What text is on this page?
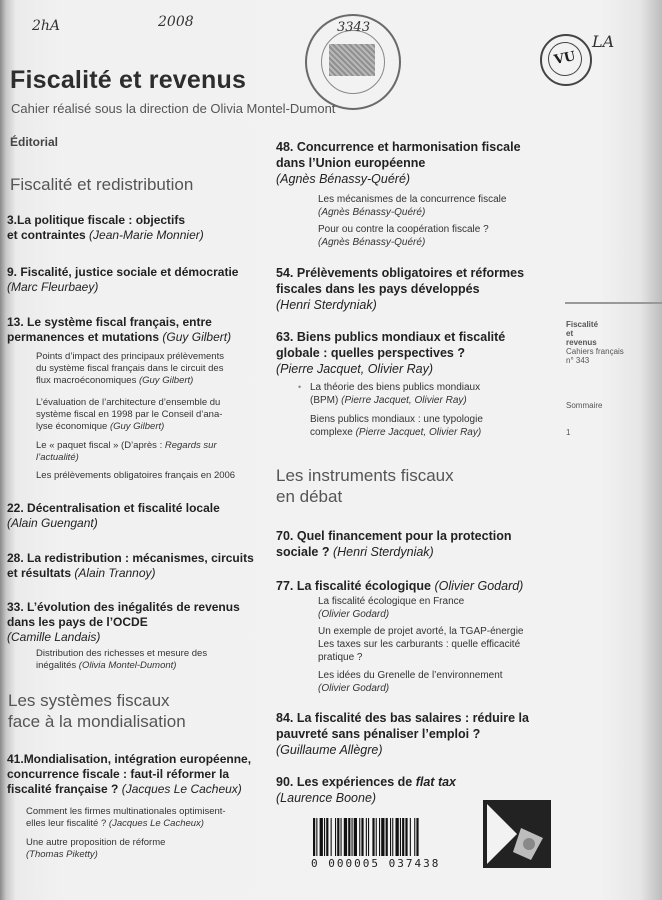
2hA	2008
LA
3343
VU
Fiscalité et revenus
Cahier réalisé sous la direction de Olivia Montel-Dumont
Éditorial
Fiscalité et redistribution
3.La politique fiscale : objectifs
et contraintes (Jean-Marie Monnier)
9. Fiscalité, justice sociale et démocratie
(Marc Fleurbaey)
13. Le système fiscal français, entre
permanences et mutations (Guy Gilbert)
Points d’impact des principaux prélèvements
du système fiscal français dans le circuit des
flux macroéconomiques (Guy Gilbert)
L’évaluation de l’architecture d’ensemble du
système fiscal en 1998 par le Conseil d’ana-
lyse économique (Guy Gilbert)
Le « paquet fiscal » (D’après : Regards sur
l’actualité)
Les prélèvements obligatoires français en 2006
22. Décentralisation et fiscalité locale
(Alain Guengant)
28. La redistribution : mécanismes, circuits
et résultats (Alain Trannoy)
33. L’évolution des inégalités de revenus
dans les pays de l’OCDE
(Camille Landais)
Distribution des richesses et mesure des
inégalités (Olivia Montel-Dumont)
Les systèmes fiscaux
face à la mondialisation
41.Mondialisation, intégration européenne,
concurrence fiscale : faut-il réformer la
fiscalité française ? (Jacques Le Cacheux)
Comment les firmes multinationales optimisent-
elles leur fiscalité ? (Jacques Le Cacheux)
Une autre proposition de réforme
(Thomas Piketty)
48. Concurrence et harmonisation fiscale
dans l’Union européenne
(Agnès Bénassy-Quéré)
Les mécanismes de la concurrence fiscale
(Agnès Bénassy-Quéré)
Pour ou contre la coopération fiscale ?
(Agnès Bénassy-Quéré)
54. Prélèvements obligatoires et réformes
fiscales dans les pays développés
(Henri Sterdyniak)
63. Biens publics mondiaux et fiscalité
globale : quelles perspectives ?
(Pierre Jacquet, Olivier Ray)
• La théorie des biens publics mondiaux
(BPM) (Pierre Jacquet, Olivier Ray)
Biens publics mondiaux : une typologie
complexe (Pierre Jacquet, Olivier Ray)
Les instruments fiscaux
en débat
70. Quel financement pour la protection
sociale ? (Henri Sterdyniak)
77. La fiscalité écologique (Olivier Godard)
La fiscalité écologique en France
(Olivier Godard)
Un exemple de projet avorté, la TGAP-énergie
Les taxes sur les carburants : quelle efficacité
pratique ?
Les idées du Grenelle de l’environnement
(Olivier Godard)
84. La fiscalité des bas salaires : réduire la
pauvreté sans pénaliser l’emploi ?
(Guillaume Allègre)
90. Les expériences de flat tax
(Laurence Boone)
0 000005 037438
Fiscalité
et
revenus
Cahiers français
n° 343
Sommaire
1
